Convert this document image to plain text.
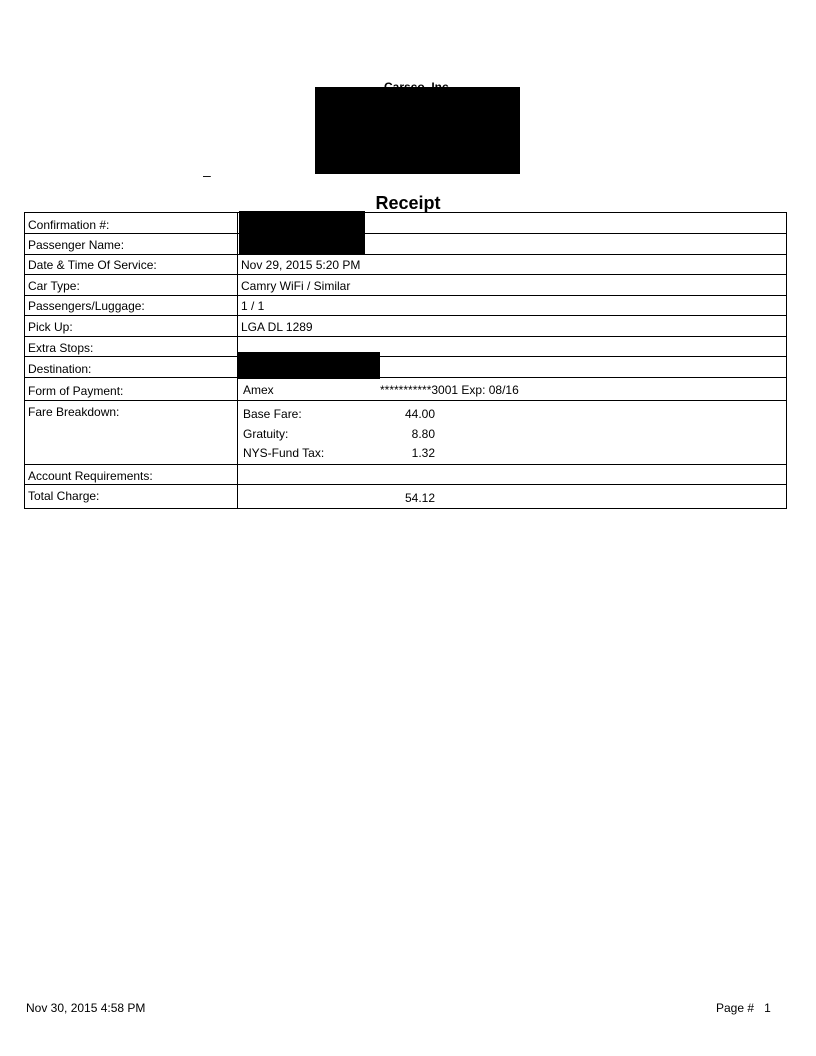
–
Receipt
Confirmation #:
Passenger Name:
Date & Time Of Service:	Nov 29, 2015 5:20 PM
Car Type:	Camry WiFi / Similar
Passengers/Luggage:	1 / 1
Pick Up:	LGA DL 1289
Extra Stops:
Destination:
Form of Payment:	Amex	***********3001 Exp: 08/16
Fare Breakdown:	Base Fare:	44.00
Gratuity:	8.80
NYS-Fund Tax:	1.32
Account Requirements:
Total Charge:	54.12
Nov 30, 2015 4:58 PM	Page # 1
